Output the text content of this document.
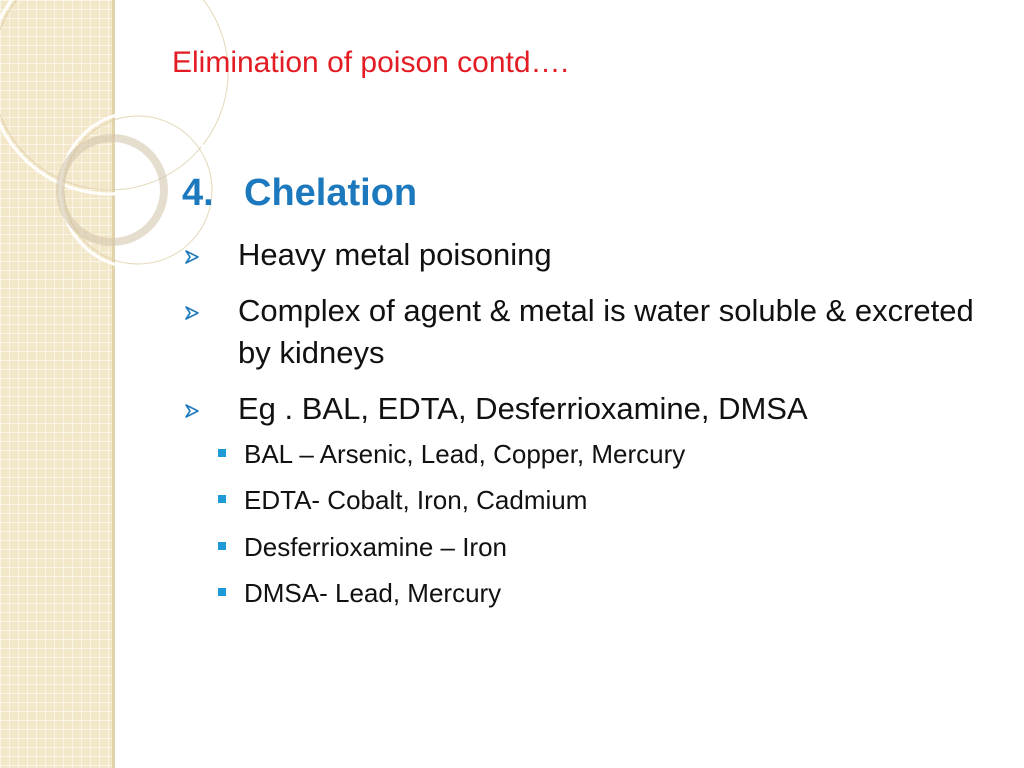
Elimination of poison contd….
4. Chelation
Heavy metal poisoning
Complex of agent & metal is water soluble & excreted by kidneys
Eg . BAL, EDTA, Desferrioxamine, DMSA
BAL – Arsenic, Lead, Copper, Mercury
EDTA- Cobalt, Iron, Cadmium
Desferrioxamine – Iron
DMSA- Lead, Mercury
